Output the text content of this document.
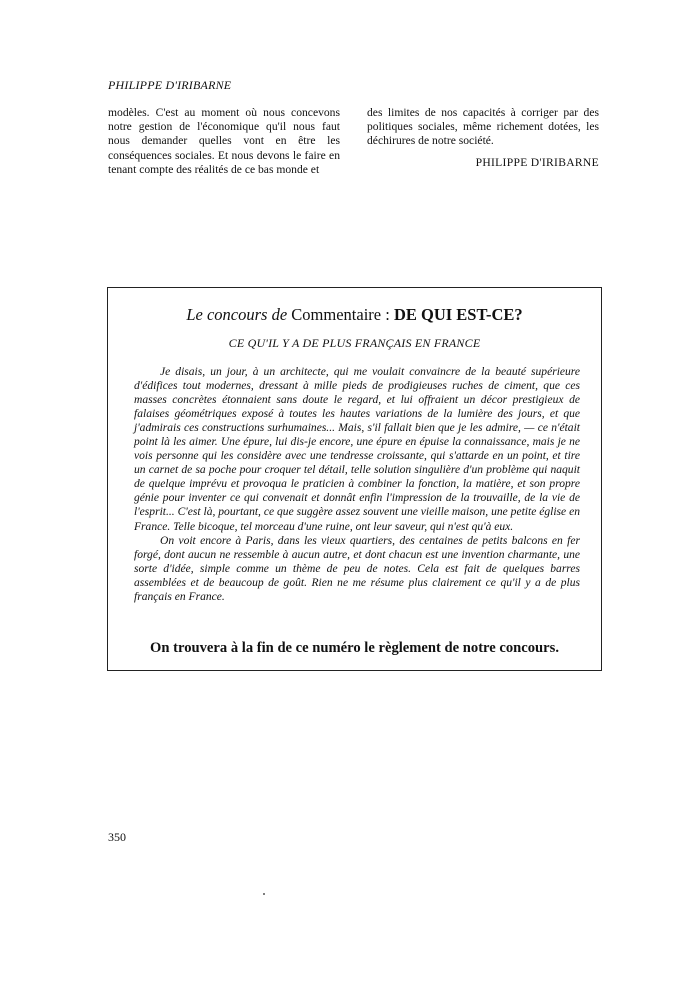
PHILIPPE D'IRIBARNE

modèles. C'est au moment où nous concevons notre gestion de l'économique qu'il nous faut nous demander quelles vont en être les conséquences sociales. Et nous devons le faire en tenant compte des réalités de ce bas monde et

des limites de nos capacités à corriger par des politiques sociales, même richement dotées, les déchirures de notre société.

PHILIPPE D'IRIBARNE
Le concours de Commentaire : DE QUI EST-CE?
CE QU'IL Y A DE PLUS FRANÇAIS EN FRANCE

Je disais, un jour, à un architecte, qui me voulait convaincre de la beauté supérieure d'édifices tout modernes, dressant à mille pieds de prodigieuses ruches de ciment, que ces masses concrètes étonnaient sans doute le regard, et lui offraient un décor prestigieux de falaises géométriques exposé à toutes les hautes variations de la lumière des jours, et que j'admirais ces constructions surhumaines... Mais, s'il fallait bien que je les admire, — ce n'était point là les aimer. Une épure, lui dis-je encore, une épure en épuise la connaissance, mais je ne vois personne qui les considère avec une tendresse croissante, qui s'attarde en un point, et tire un carnet de sa poche pour croquer tel détail, telle solution singulière d'un problème qui naquit de quelque imprévu et provoqua le praticien à combiner la fonction, la matière, et son propre génie pour inventer ce qui convenait et donnât enfin l'impression de la trouvaille, de la vie de l'esprit... C'est là, pourtant, ce que suggère assez souvent une vieille maison, une petite église en France. Telle bicoque, tel morceau d'une ruine, ont leur saveur, qui n'est qu'à eux.

On voit encore à Paris, dans les vieux quartiers, des centaines de petits balcons en fer forgé, dont aucun ne ressemble à aucun autre, et dont chacun est une invention charmante, une sorte d'idée, simple comme un thème de peu de notes. Cela est fait de quelques barres assemblées et de beaucoup de goût. Rien ne me résume plus clairement ce qu'il y a de plus français en France.

On trouvera à la fin de ce numéro le règlement de notre concours.
350
